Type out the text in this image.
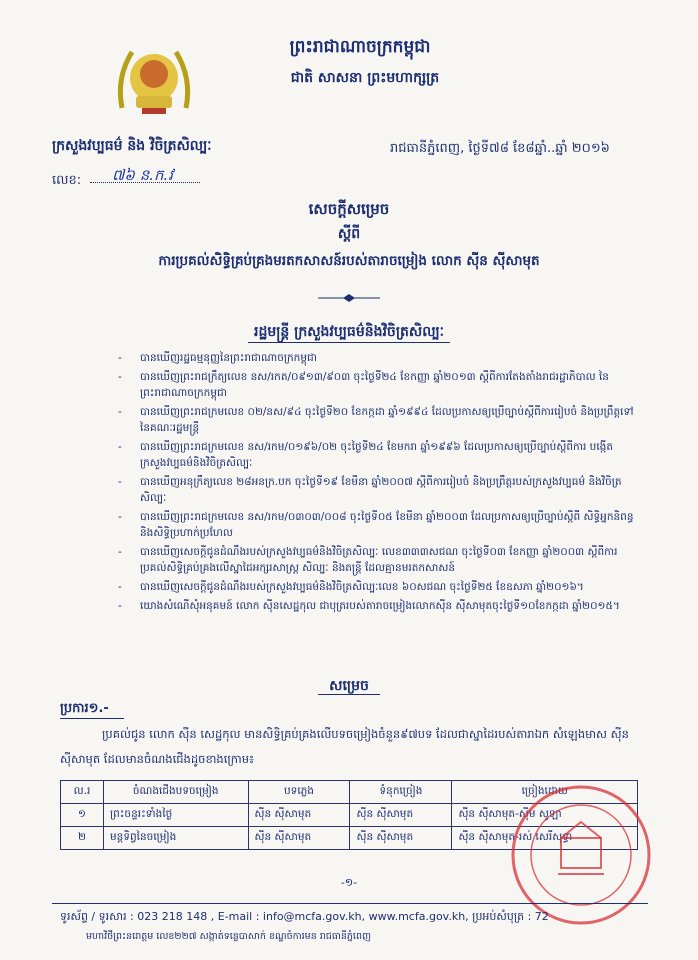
ព្រះរាជាណាចក្រកម្ពុជា
ជាតិ សាសនា ព្រះមហាក្សត្រ
ក្រសួងវប្បធម៌ និង វិចិត្រសិល្បៈ	រាជធានីភ្នំពេញ, ថ្ងៃទី៧៨ ខែ៨ឆ្នាំ..ឆ្នាំ ២០១៦
លេខ: ៧៦ ន.ក.វ
សេចក្តីសម្រេច
ស្តីពី
ការប្រគល់សិទ្ធិគ្រប់គ្រងមរតកសាសន៍របស់តារាចម្រៀង លោក ស៊ីន ស៊ីសាមុត
រដ្ឋមន្ត្រី ក្រសួងវប្បធម៌និងវិចិត្រសិល្បៈ
- បានឃើញរដ្ឋធម្មនុញ្ញនៃព្រះរាជាណាចក្រកម្ពុជា
- បានឃើញព្រះរាជក្រឹត្យលេខ នស/រកត/០៩១៣/៩០៣ ចុះថ្ងៃទី២៤ ខែកញ្ញា ឆ្នាំ២០១៣ ស្តីពីការតែងតាំងរាជរដ្ឋាភិបាល នៃព្រះរាជាណាចក្រកម្ពុជា
- បានឃើញព្រះរាជក្រមលេខ ០២/នស/៩៤ ចុះថ្ងៃទី២០ ខែកក្កដា ឆ្នាំ១៩៩៤ ដែលប្រកាសឲ្យប្រើច្បាប់ស្តីពីការរៀបចំ និងប្រព្រឹត្តទៅនៃគណៈរដ្ឋមន្ត្រី
- បានឃើញព្រះរាជក្រមលេខ នស/រកម/០១៩៦/០២ ចុះថ្ងៃទី២៤ ខែមករា ឆ្នាំ១៩៩៦ ដែលប្រកាសឲ្យប្រើច្បាប់ស្តីពីការ បង្កើតក្រសួងវប្បធម៌និងវិចិត្រសិល្បៈ
- បានឃើញអនុក្រឹត្យលេខ ២៨អនក្រ.បក ចុះថ្ងៃទី១៩ ខែមីនា ឆ្នាំ២០០៧ ស្តីពីការរៀបចំ និងប្រព្រឹត្តរបស់ក្រសួងវប្បធម៌ និងវិចិត្រសិល្បៈ
- បានឃើញព្រះរាជក្រមលេខ នស/រកម/០៣០៣/០០៨ ចុះថ្ងៃទី០៥ ខែមីនា ឆ្នាំ២០០៣ ដែលប្រកាសឲ្យប្រើច្បាប់ស្តីពី សិទ្ធិអ្នកនិពន្ធនិងសិទ្ធិប្រហាក់ប្រហែល
- បានឃើញសេចក្តីជូនដំណឹងរបស់ក្រសួងវប្បធម៌និងវិចិត្រសិល្បៈ លេខ៣៣៣សជណ ចុះថ្ងៃទី០៣ ខែកញ្ញា ឆ្នាំ២០០៣ ស្តីពីការប្រគល់សិទ្ធិគ្រប់គ្រងលើស្នាដៃអក្សរសាស្ត្រ សិល្បៈ និងតន្ត្រី ដែលគ្មានមរតកសាសន៍
- បានឃើញសេចក្តីជូនដំណឹងរបស់ក្រសួងវប្បធម៌និងវិចិត្រសិល្បៈលេខ ៦០សជណ ចុះថ្ងៃទី២៥ ខែឧសភា ឆ្នាំ២០១៦។
- យោងសំណើសុំអនុគមន៍ លោក ស៊ីនសេដ្ឋកុល ជាបុត្ររបស់តារាចម្រៀងលោកស៊ីន ស៊ីសាមុតចុះថ្ងៃទី១០ខែកក្កដា ឆ្នាំ២០១៥។
សម្រេច
ប្រការ១.-
ប្រគល់ជូន លោក ស៊ីន សេដ្ឋកុល មានសិទ្ធិគ្រប់គ្រងលើបទចម្រៀងចំនួន៩៧បទ ដែលជាស្នាដៃរបស់តារាឯក សំឡេងមាស ស៊ីន ស៊ីសាមុត ដែលមានចំណងជើងដូចខាងក្រោម៖
ល.រ	ចំណងជើងបទចម្រៀង	បទភ្លេង	ទំនុកច្រៀង	ច្រៀងដោយ
១	ព្រះចន្ទរះទាំងថ្ងៃ	ស៊ីន ស៊ីសាមុត	ស៊ីន ស៊ីសាមុត	ស៊ីន ស៊ីសាមុត-ស៊ីម សូឡា
២	មន្តទិព្វនៃចម្រៀង	ស៊ីន ស៊ីសាមុត	ស៊ីន ស៊ីសាមុត	ស៊ីន ស៊ីសាមុត-រស់ សេរីសុទ្ធា
-១-
ទូរស័ព្ទ / ទូរសារ : 023 218 148 , E-mail : info@mcfa.gov.kh, www.mcfa.gov.kh, ប្រអប់សំបុត្រ : 72
មហាវិថីព្រះនរោត្តម លេខ២២៧ សង្កាត់ទន្លេបាសាក់ ខណ្ឌចំការមន រាជធានីភ្នំពេញ
